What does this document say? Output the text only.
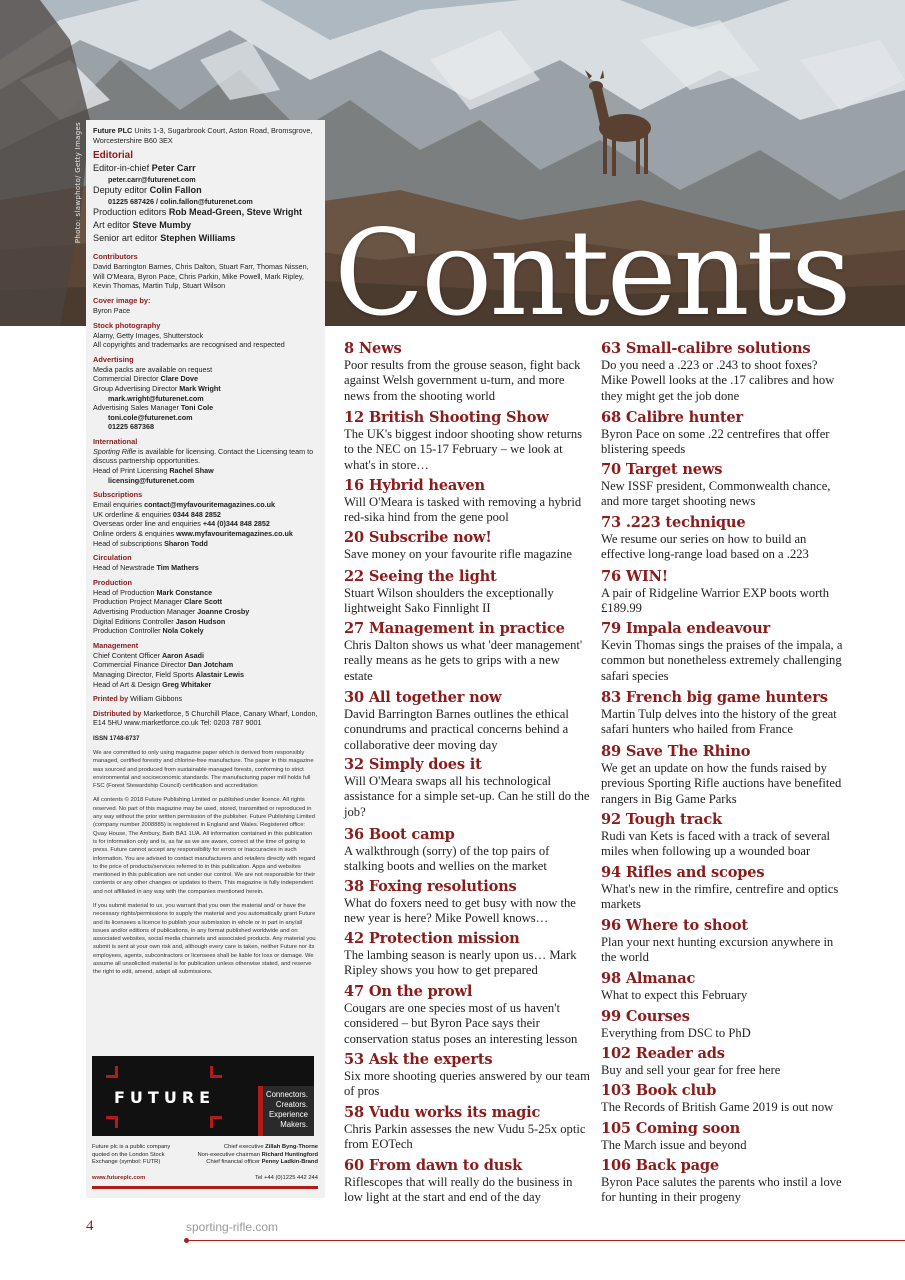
Photo: slawphoto/ Getty Images
Contents
Future PLC Units 1-3, Sugarbrook Court, Aston Road, Bromsgrove, Worcestershire B60 3EX
Editorial
Editor-in-chief Peter Carr
peter.carr@futurenet.com
Deputy editor Colin Fallon
01225 687426 / colin.fallon@futurenet.com
Production editors Rob Mead-Green, Steve Wright
Art editor Steve Mumby
Senior art editor Stephen Williams
Contributors
David Barrington Barnes, Chris Dalton, Stuart Farr, Thomas Nissen, Will O'Meara, Byron Pace, Chris Parkin, Mike Powell, Mark Ripley, Kevin Thomas, Martin Tulp, Stuart Wilson
Cover image by:
Byron Pace
Stock photography
Alamy, Getty Images, Shutterstock
All copyrights and trademarks are recognised and respected
Advertising
Media packs are available on request
Commercial Director Clare Dove
Group Advertising Director Mark Wright
mark.wright@futurenet.com
Advertising Sales Manager Toni Cole
toni.cole@futurenet.com
01225 687368
International
Sporting Rifle is available for licensing. Contact the Licensing team to discuss partnership opportunities.
Head of Print Licensing Rachel Shaw
licensing@futurenet.com
Subscriptions
Email enquiries contact@myfavouritemagazines.co.uk
UK orderline & enquiries 0344 848 2852
Overseas order line and enquiries +44 (0)344 848 2852
Online orders & enquiries www.myfavouritemagazines.co.uk
Head of subscriptions Sharon Todd
Circulation
Head of Newstrade Tim Mathers
Production
Head of Production Mark Constance
Production Project Manager Clare Scott
Advertising Production Manager Joanne Crosby
Digital Editions Controller Jason Hudson
Production Controller Nola Cokely
Management
Chief Content Officer Aaron Asadi
Commercial Finance Director Dan Jotcham
Managing Director, Field Sports Alastair Lewis
Head of Art & Design Greg Whitaker
Printed by William Gibbons
Distributed by Marketforce, 5 Churchill Place, Canary Wharf, London, E14 5HU www.marketforce.co.uk Tel: 0203 787 9001
ISSN 1748-8737
We are committed to only using magazine paper which is derived from responsibly managed, certified forestry and chlorine-free manufacture. The paper in this magazine was sourced and produced from sustainable managed forests, conforming to strict environmental and socioeconomic standards. The manufacturing paper mill holds full FSC (Forest Stewardship Council) certification and accreditation
All contents © 2018 Future Publishing Limited or published under licence. All rights reserved. No part of this magazine may be used, stored, transmitted or reproduced in any way without the prior written permission of the publisher. Future Publishing Limited (company number 2008885) is registered in England and Wales. Registered office: Quay House, The Ambury, Bath BA1 1UA. All information contained in this publication is for information only and is, as far as we are aware, correct at the time of going to press. Future cannot accept any responsibility for errors or inaccuracies in such information. You are advised to contact manufacturers and retailers directly with regard to the price of products/services referred to in this publication. Apps and websites mentioned in this publication are not under our control. We are not responsible for their contents or any other changes or updates to them. This magazine is fully independent and not affiliated in any way with the companies mentioned herein.
If you submit material to us, you warrant that you own the material and/ or have the necessary rights/permissions to supply the material and you automatically grant Future and its licensees a licence to publish your submission in whole or in part in any/all issues and/or editions of publications, in any format published worldwide and on associated websites, social media channels and associated products. Any material you submit is sent at your own risk and, although every care is taken, neither Future nor its employees, agents, subcontractors or licensees shall be liable for loss or damage. We assume all unsolicited material is for publication unless otherwise stated, and reserve the right to edit, amend, adapt all submissions.
FUTURE	Connectors.
Creators.
Experience
Makers.
Future plc is a public company quoted on the London Stock Exchange (symbol: FUTR)
Chief executive Zillah Byng-Thorne
Non-executive chairman Richard Huntingford
Chief financial officer Penny Ladkin-Brand
www.futureplc.com	Tel +44 (0)1225 442 244
8 News
Poor results from the grouse season, fight back against Welsh government u-turn, and more news from the shooting world
12 British Shooting Show
The UK's biggest indoor shooting show returns to the NEC on 15-17 February – we look at what's in store…
16 Hybrid heaven
Will O'Meara is tasked with removing a hybrid red-sika hind from the gene pool
20 Subscribe now!
Save money on your favourite rifle magazine
22 Seeing the light
Stuart Wilson shoulders the exceptionally lightweight Sako Finnlight II
27 Management in practice
Chris Dalton shows us what 'deer management' really means as he gets to grips with a new estate
30 All together now
David Barrington Barnes outlines the ethical conundrums and practical concerns behind a collaborative deer moving day
32 Simply does it
Will O'Meara swaps all his technological assistance for a simple set-up. Can he still do the job?
36 Boot camp
A walkthrough (sorry) of the top pairs of stalking boots and wellies on the market
38 Foxing resolutions
What do foxers need to get busy with now the new year is here? Mike Powell knows…
42 Protection mission
The lambing season is nearly upon us… Mark Ripley shows you how to get prepared
47 On the prowl
Cougars are one species most of us haven't considered – but Byron Pace says their conservation status poses an interesting lesson
53 Ask the experts
Six more shooting queries answered by our team of pros
58 Vudu works its magic
Chris Parkin assesses the new Vudu 5-25x optic from EOTech
60 From dawn to dusk
Riflescopes that will really do the business in low light at the start and end of the day
63 Small-calibre solutions
Do you need a .223 or .243 to shoot foxes? Mike Powell looks at the .17 calibres and how they might get the job done
68 Calibre hunter
Byron Pace on some .22 centrefires that offer blistering speeds
70 Target news
New ISSF president, Commonwealth chance, and more target shooting news
73 .223 technique
We resume our series on how to build an effective long-range load based on a .223
76 WIN!
A pair of Ridgeline Warrior EXP boots worth £189.99
79 Impala endeavour
Kevin Thomas sings the praises of the impala, a common but nonetheless extremely challenging safari species
83 French big game hunters
Martin Tulp delves into the history of the great safari hunters who hailed from France
89 Save The Rhino
We get an update on how the funds raised by previous Sporting Rifle auctions have benefited rangers in Big Game Parks
92 Tough track
Rudi van Kets is faced with a track of several miles when following up a wounded boar
94 Rifles and scopes
What's new in the rimfire, centrefire and optics markets
96 Where to shoot
Plan your next hunting excursion anywhere in the world
98 Almanac
What to expect this February
99 Courses
Everything from DSC to PhD
102 Reader ads
Buy and sell your gear for free here
103 Book club
The Records of British Game 2019 is out now
105 Coming soon
The March issue and beyond
106 Back page
Byron Pace salutes the parents who instil a love for hunting in their progeny
4	sporting-rifle.com
